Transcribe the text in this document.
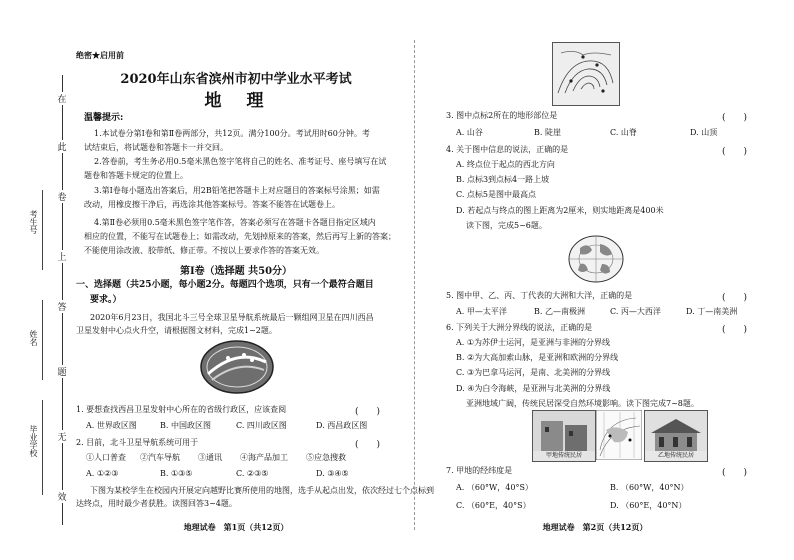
在
此
卷
上
答
题
无
效
考生号
姓名
毕业学校
绝密★启用前
2020年山东省滨州市初中学业水平考试
地　理
温馨提示:
1.本试卷分第Ⅰ卷和第Ⅱ卷两部分，共12页。满分100分。考试用时60分钟。考
试结束后，将试题卷和答题卡一并交回。
2.答卷前，考生务必用0.5毫米黑色签字笔将自己的姓名、准考证号、座号填写在试
题卷和答题卡规定的位置上。
3.第Ⅰ卷每小题选出答案后，用2B铅笔把答题卡上对应题目的答案标号涂黑；如需
改动，用橡皮擦干净后，再选涂其他答案标号。答案不能答在试题卷上。
4.第Ⅱ卷必须用0.5毫米黑色签字笔作答，答案必须写在答题卡各题目指定区域内
相应的位置，不能写在试题卷上；如需改动，先划掉原来的答案，然后再写上新的答案；
不能使用涂改液、胶带纸、修正带。不按以上要求作答的答案无效。
第Ⅰ卷（选择题 共50分）
一、选择题（共25小题，每小题2分。每题四个选项，只有一个最符合题目
要求。）
2020年6月23日，我国北斗三号全球卫星导航系统最后一颗组网卫星在四川西昌
卫星发射中心点火升空，请根据图文材料，完成1~2题。
1. 要想查找西昌卫星发射中心所在的省级行政区，应该查阅	(　　)
A. 世界政区图	B. 中国政区图	C. 四川政区图	D. 西昌政区图
2. 目前，北斗卫星导航系统可用于	(　　)
①人口普查 ②汽车导航 ③通讯 ④海产品加工 ⑤应急搜救
A. ①②③	B. ①③⑤	C. ②③⑤	D. ③④⑤
下图为某校学生在校园内开展定向越野比赛所使用的地图，选手从起点出发，依次经过七个点标到
达终点，用时最少者获胜。读图回答3~4题。
地理试卷　第1页（共12页）
3. 图中点标2所在的地形部位是	(　　)
A. 山谷	B. 陡崖	C. 山脊	D. 山顶
4. 关于图中信息的说法，正确的是	(　　)
A. 终点位于起点的西北方向
B. 点标3到点标4一路上坡
C. 点标5是图中最高点
D. 若起点与终点的图上距离为2厘米，则实地距离是400米
读下图，完成5~6题。
5. 图中甲、乙、丙、丁代表的大洲和大洋，正确的是	(　　)
A. 甲—太平洋	B. 乙—南极洲	C. 丙—大西洋	D. 丁—南美洲
6. 下列关于大洲分界线的说法，正确的是	(　　)
A. ①为苏伊士运河，是亚洲与非洲的分界线
B. ②为大高加索山脉，是亚洲和欧洲的分界线
C. ③为巴拿马运河，是南、北美洲的分界线
D. ④为白令海峡，是亚洲与北美洲的分界线
亚洲地域广阔，传统民居深受自然环境影响。读下图完成7~8题。
甲地传统民居	乙地传统民居
7. 甲地的经纬度是	(　　)
A. （60°W，40°S）	B. （60°W，40°N）
C. （60°E，40°S）	D. （60°E，40°N）
地理试卷　第2页（共12页）
